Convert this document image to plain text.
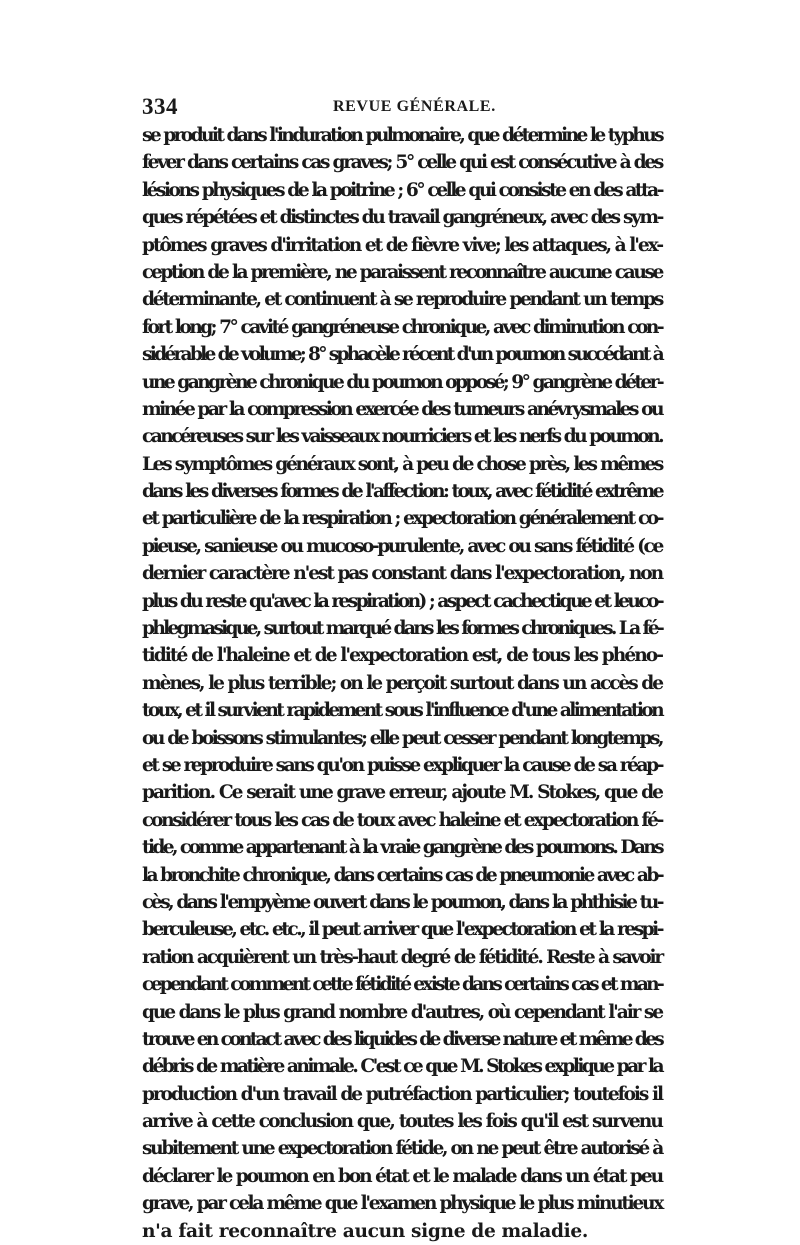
334	REVUE GÉNÉRALE.
se produit dans l'induration pulmonaire, que détermine le typhus
fever dans certains cas graves; 5° celle qui est consécutive à des
lésions physiques de la poitrine ; 6° celle qui consiste en des atta-
ques répétées et distinctes du travail gangréneux, avec des sym-
ptômes graves d'irritation et de fièvre vive; les attaques, à l'ex-
ception de la première, ne paraissent reconnaître aucune cause
déterminante, et continuent à se reproduire pendant un temps
fort long; 7° cavité gangréneuse chronique, avec diminution con-
sidérable de volume; 8° sphacèle récent d'un poumon succédant à
une gangrène chronique du poumon opposé; 9° gangrène déter-
minée par la compression exercée des tumeurs anévrysmales ou
cancéreuses sur les vaisseaux nourriciers et les nerfs du poumon.
Les symptômes généraux sont, à peu de chose près, les mêmes
dans les diverses formes de l'affection: toux, avec fétidité extrême
et particulière de la respiration ; expectoration généralement co-
pieuse, sanieuse ou mucoso-purulente, avec ou sans fétidité (ce
dernier caractère n'est pas constant dans l'expectoration, non
plus du reste qu'avec la respiration) ; aspect cachectique et leuco-
phlegmasique, surtout marqué dans les formes chroniques. La fé-
tidité de l'haleine et de l'expectoration est, de tous les phéno-
mènes, le plus terrible; on le perçoit surtout dans un accès de
toux, et il survient rapidement sous l'influence d'une alimentation
ou de boissons stimulantes; elle peut cesser pendant longtemps,
et se reproduire sans qu'on puisse expliquer la cause de sa réap-
parition. Ce serait une grave erreur, ajoute M. Stokes, que de
considérer tous les cas de toux avec haleine et expectoration fé-
tide, comme appartenant à la vraie gangrène des poumons. Dans
la bronchite chronique, dans certains cas de pneumonie avec ab-
cès, dans l'empyème ouvert dans le poumon, dans la phthisie tu-
berculeuse, etc. etc., il peut arriver que l'expectoration et la respi-
ration acquièrent un très-haut degré de fétidité. Reste à savoir
cependant comment cette fétidité existe dans certains cas et man-
que dans le plus grand nombre d'autres, où cependant l'air se
trouve en contact avec des liquides de diverse nature et même des
débris de matière animale. C'est ce que M. Stokes explique par la
production d'un travail de putréfaction particulier; toutefois il
arrive à cette conclusion que, toutes les fois qu'il est survenu
subitement une expectoration fétide, on ne peut être autorisé à
déclarer le poumon en bon état et le malade dans un état peu
grave, par cela même que l'examen physique le plus minutieux
n'a fait reconnaître aucun signe de maladie.
